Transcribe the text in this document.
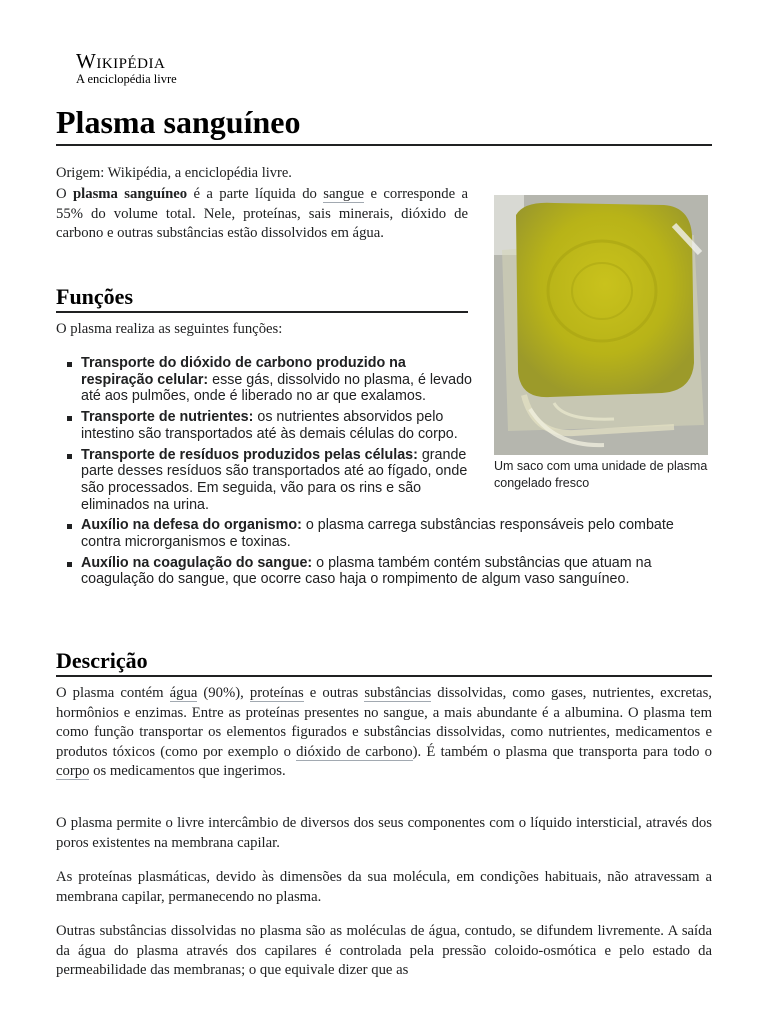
Wikipédia
A enciclopédia livre
Plasma sanguíneo
Origem: Wikipédia, a enciclopédia livre.
O plasma sanguíneo é a parte líquida do sangue e corresponde a 55% do volume total. Nele, proteínas, sais minerais, dióxido de carbono e outras substâncias estão dissolvidos em água.
Um saco com uma unidade de plasma congelado fresco
Funções
O plasma realiza as seguintes funções:
Transporte do dióxido de carbono produzido na respiração celular: esse gás, dissolvido no plasma, é levado até aos pulmões, onde é liberado no ar que exalamos.
Transporte de nutrientes: os nutrientes absorvidos pelo intestino são transportados até às demais células do corpo.
Transporte de resíduos produzidos pelas células: grande parte desses resíduos são transportados até ao fígado, onde são processados. Em seguida, vão para os rins e são eliminados na urina.
Auxílio na defesa do organismo: o plasma carrega substâncias responsáveis pelo combate contra microrganismos e toxinas.
Auxílio na coagulação do sangue: o plasma também contém substâncias que atuam na coagulação do sangue, que ocorre caso haja o rompimento de algum vaso sanguíneo.
Descrição
O plasma contém água (90%), proteínas e outras substâncias dissolvidas, como gases, nutrientes, excretas, hormônios e enzimas. Entre as proteínas presentes no sangue, a mais abundante é a albumina. O plasma tem como função transportar os elementos figurados e substâncias dissolvidas, como nutrientes, medicamentos e produtos tóxicos (como por exemplo o dióxido de carbono). É também o plasma que transporta para todo o corpo os medicamentos que ingerimos.
O plasma permite o livre intercâmbio de diversos dos seus componentes com o líquido intersticial, através dos poros existentes na membrana capilar.
As proteínas plasmáticas, devido às dimensões da sua molécula, em condições habituais, não atravessam a membrana capilar, permanecendo no plasma.
Outras substâncias dissolvidas no plasma são as moléculas de água, contudo, se difundem livremente. A saída da água do plasma através dos capilares é controlada pela pressão coloido-osmótica e pelo estado da permeabilidade das membranas; o que equivale dizer que as
